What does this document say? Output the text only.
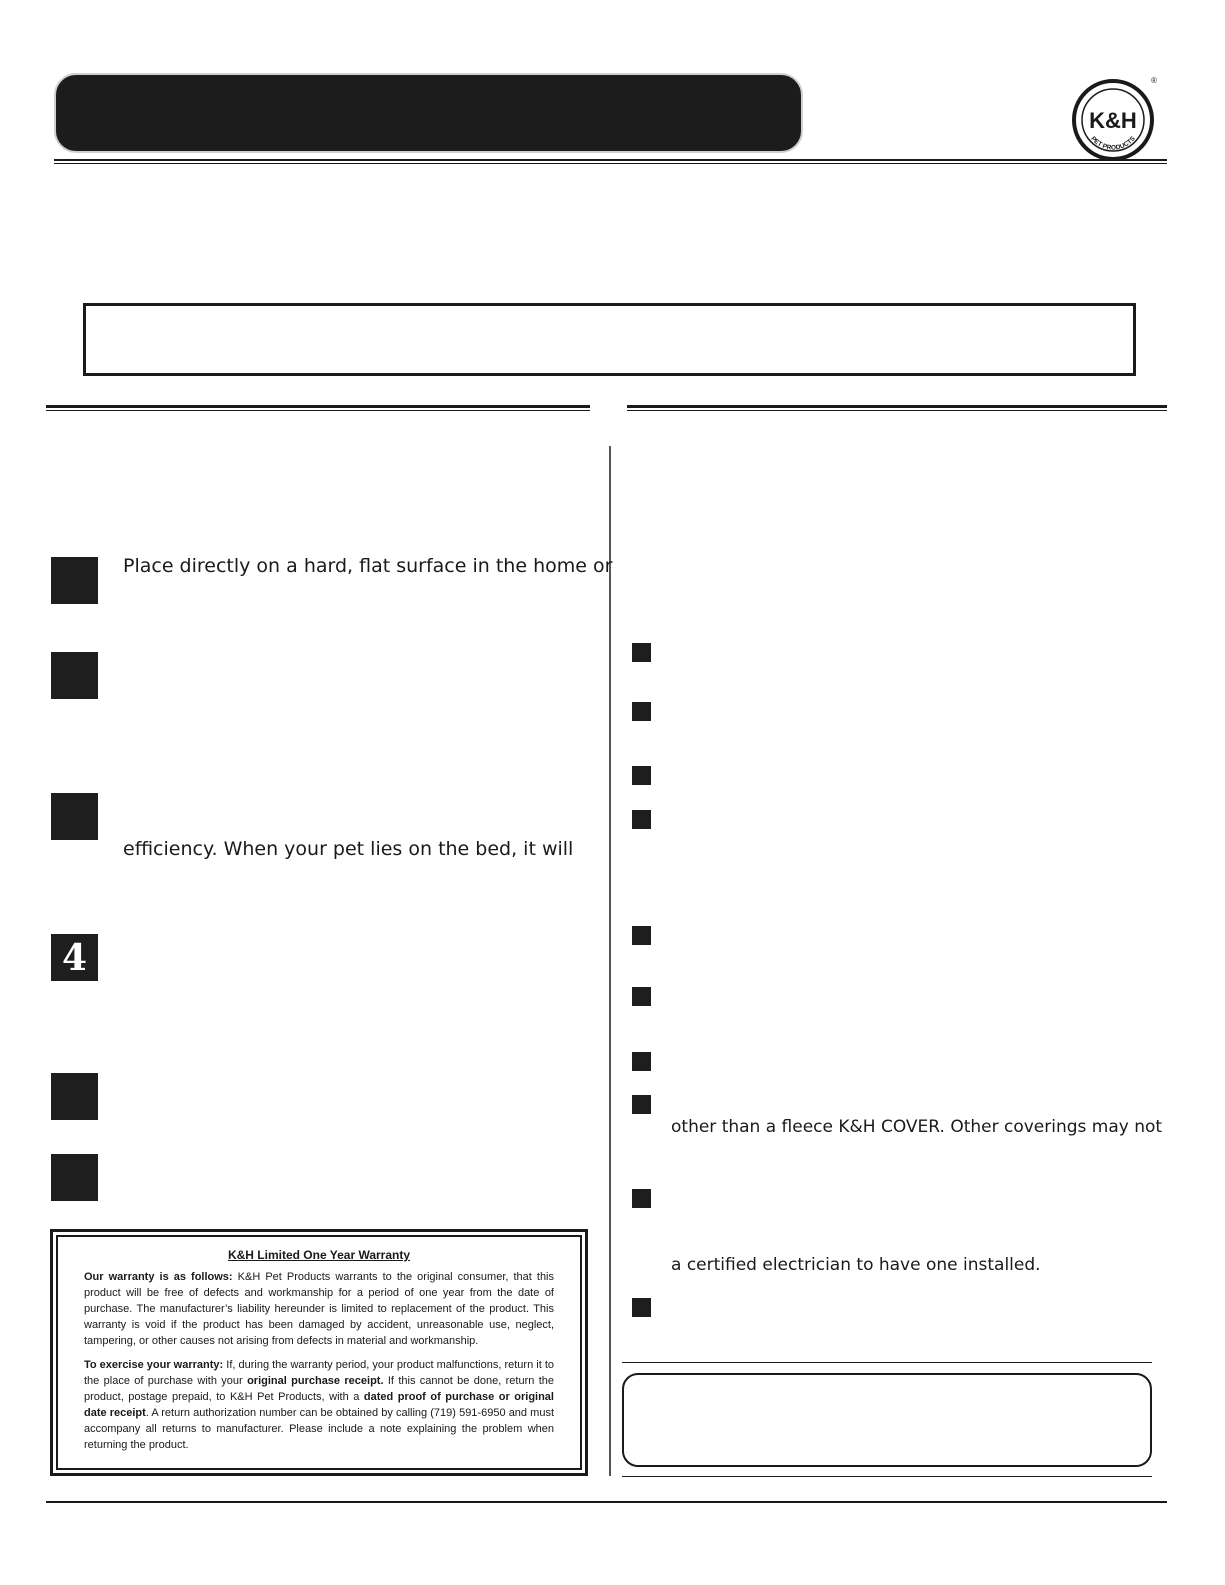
K&H
PET PRODUCTS
®
Place directly on a hard, flat surface in the home or
efficiency. When your pet lies on the bed, it will
4
K&H Limited One Year Warranty

Our warranty is as follows: K&H Pet Products warrants to the original consumer, that this product will be free of defects and workmanship for a period of one year from the date of purchase. The manufacturer’s liability hereunder is limited to replacement of the product. This warranty is void if the product has been damaged by accident, unreasonable use, neglect, tampering, or other causes not arising from defects in material and workmanship.

To exercise your warranty: If, during the warranty period, your product malfunctions, return it to the place of purchase with your original purchase receipt. If this cannot be done, return the product, postage prepaid, to K&H Pet Products, with a dated proof of purchase or original date receipt. A return authorization number can be obtained by calling (719) 591-6950 and must accompany all returns to manufacturer. Please include a note explaining the problem when returning the product.

other than a fleece K&H COVER. Other coverings may not
a certified electrician to have one installed.
